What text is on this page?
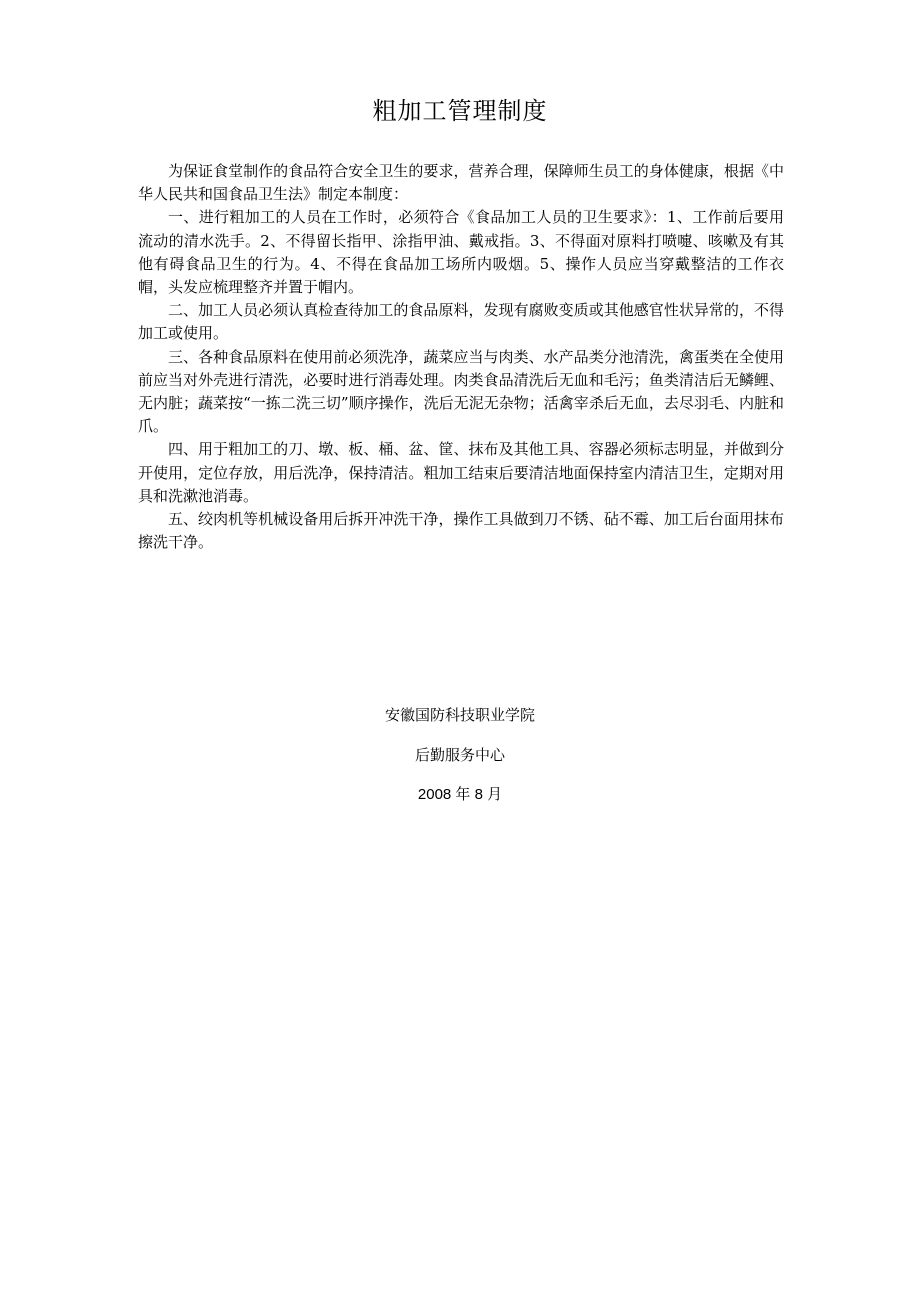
粗加工管理制度

为保证食堂制作的食品符合安全卫生的要求，营养合理，保障师生员工的身体健康，根据《中华人民共和国食品卫生法》制定本制度：

一、进行粗加工的人员在工作时，必须符合《食品加工人员的卫生要求》：1、工作前后要用流动的清水洗手。2、不得留长指甲、涂指甲油、戴戒指。3、不得面对原料打喷嚏、咳嗽及有其他有碍食品卫生的行为。4、不得在食品加工场所内吸烟。5、操作人员应当穿戴整洁的工作衣帽，头发应梳理整齐并置于帽内。

二、加工人员必须认真检查待加工的食品原料，发现有腐败变质或其他感官性状异常的，不得加工或使用。

三、各种食品原料在使用前必须洗净，蔬菜应当与肉类、水产品类分池清洗，禽蛋类在全使用前应当对外壳进行清洗，必要时进行消毒处理。肉类食品清洗后无血和毛污；鱼类清洁后无鳞鲤、无内脏；蔬菜按“一拣二洗三切”顺序操作，洗后无泥无杂物；活禽宰杀后无血，去尽羽毛、内脏和爪。

四、用于粗加工的刀、墩、板、桶、盆、筐、抹布及其他工具、容器必须标志明显，并做到分开使用，定位存放，用后洗净，保持清洁。粗加工结束后要清洁地面保持室内清洁卫生，定期对用具和洗漱池消毒。

五、绞肉机等机械设备用后拆开冲洗干净，操作工具做到刀不锈、砧不霉、加工后台面用抹布擦洗干净。

安徽国防科技职业学院
后勤服务中心
2008 年 8 月
